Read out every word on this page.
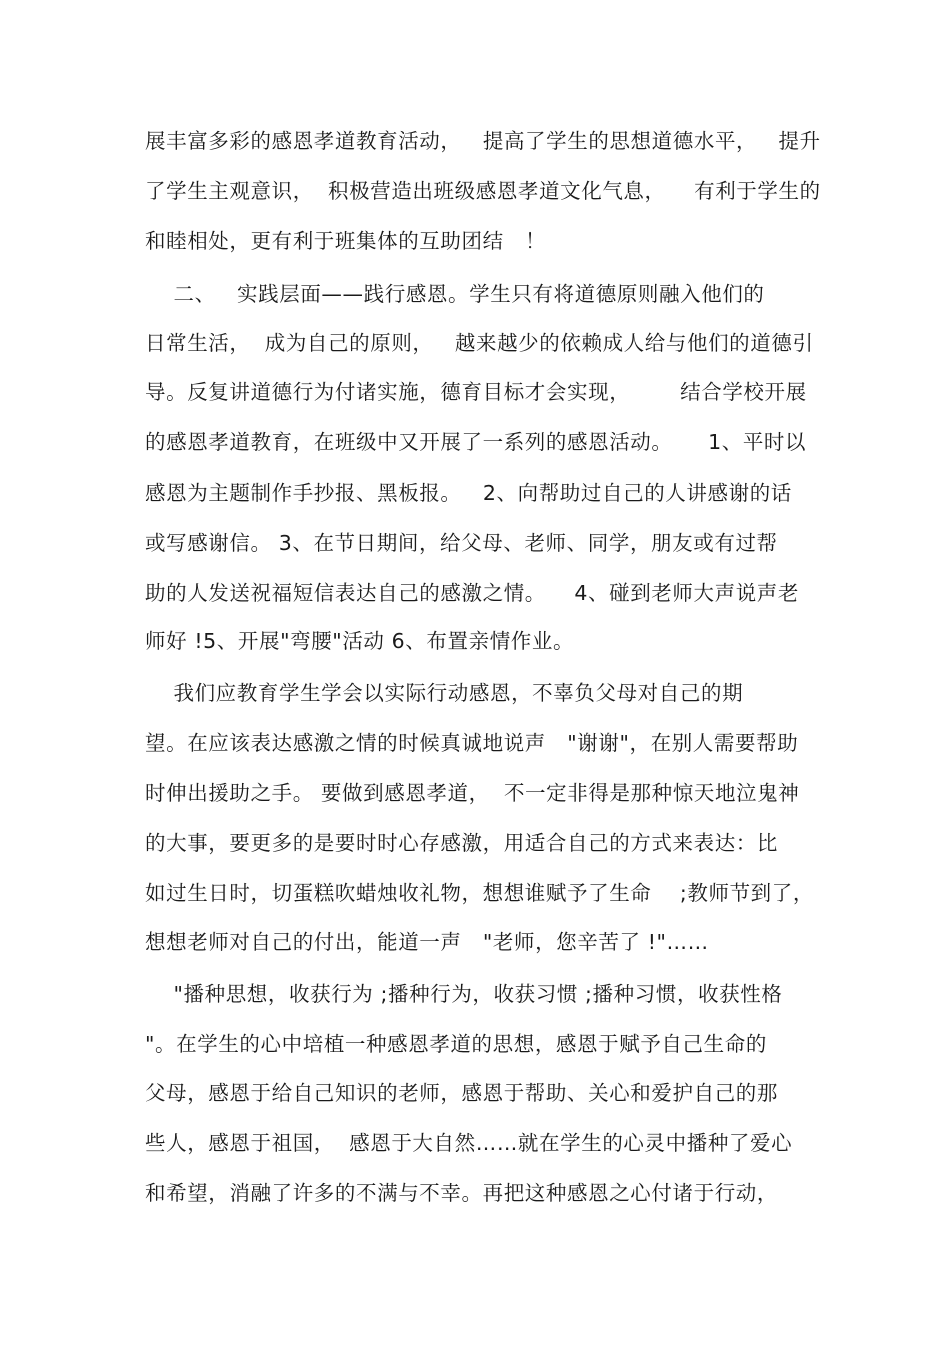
展丰富多彩的感恩孝道教育活动，   提高了学生的思想道德水平，   提升
了学生主观意识，  积极营造出班级感恩孝道文化气息，    有利于学生的
和睦相处，更有利于班集体的互助团结   ！
二、   实践层面——践行感恩。学生只有将道德原则融入他们的
日常生活，  成为自己的原则，   越来越少的依赖成人给与他们的道德引
导。反复讲道德行为付诸实施，德育目标才会实现，       结合学校开展
的感恩孝道教育，在班级中又开展了一系列的感恩活动。     1、平时以
感恩为主题制作手抄报、黑板报。   2、向帮助过自己的人讲感谢的话
或写感谢信。 3、在节日期间，给父母、老师、同学，朋友或有过帮
助的人发送祝福短信表达自己的感激之情。    4、碰到老师大声说声老
师好 !5、开展"弯腰"活动 6、布置亲情作业。
我们应教育学生学会以实际行动感恩，不辜负父母对自己的期
望。在应该表达感激之情的时候真诚地说声   "谢谢"，在别人需要帮助
时伸出援助之手。 要做到感恩孝道，  不一定非得是那种惊天地泣鬼神
的大事，要更多的是要时时心存感激，用适合自己的方式来表达：比
如过生日时，切蛋糕吹蜡烛收礼物，想想谁赋予了生命    ;教师节到了，
想想老师对自己的付出，能道一声   "老师，您辛苦了 !"……
"播种思想，收获行为 ;播种行为，收获习惯 ;播种习惯，收获性格
"。在学生的心中培植一种感恩孝道的思想，感恩于赋予自己生命的
父母，感恩于给自己知识的老师，感恩于帮助、关心和爱护自己的那
些人，感恩于祖国，  感恩于大自然……就在学生的心灵中播种了爱心
和希望，消融了许多的不满与不幸。再把这种感恩之心付诸于行动，
